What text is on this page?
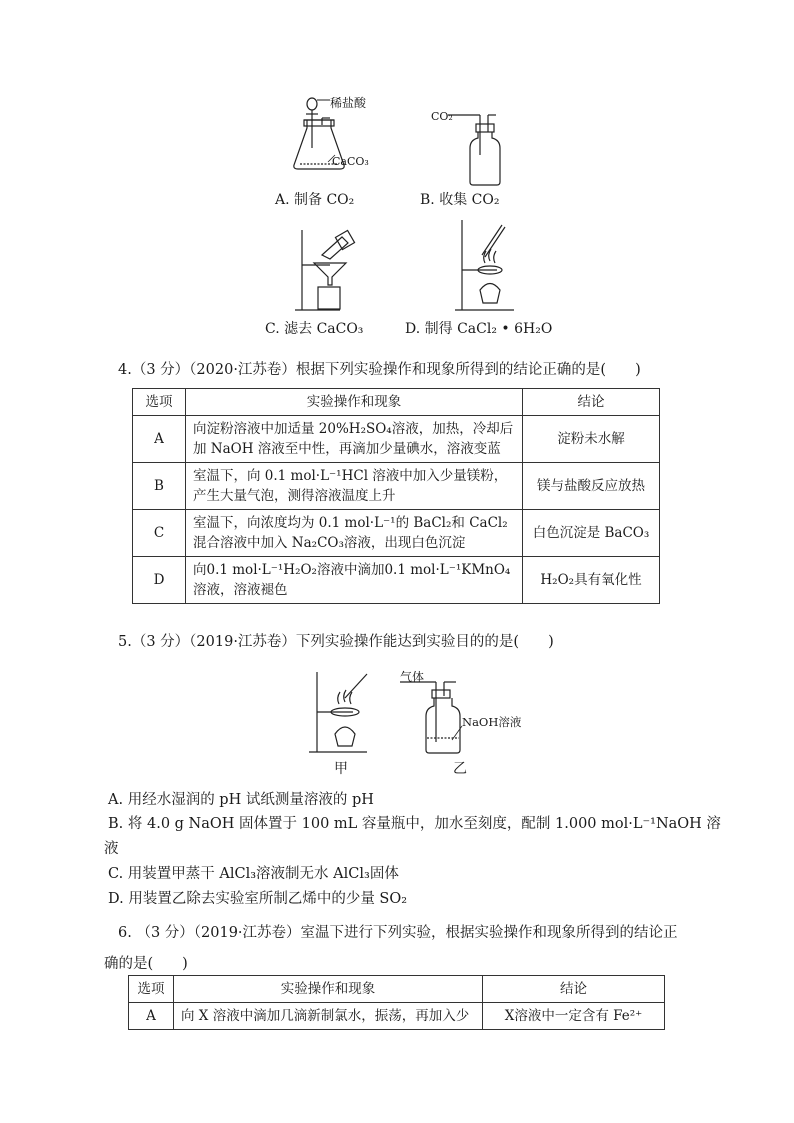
稀盐酸
CaCO₃
A. 制备 CO₂
CO₂
B. 收集 CO₂
C. 滤去 CaCO₃	D. 制得 CaCl₂ • 6H₂O
4.（3 分）（2020·江苏卷）根据下列实验操作和现象所得到的结论正确的是(　　)
选项	实验操作和现象	结论
A	向淀粉溶液中加适量 20%H₂SO₄溶液，加热，冷却后加 NaOH 溶液至中性，再滴加少量碘水，溶液变蓝	淀粉未水解
B	室温下，向 0.1 mol·L⁻¹HCl 溶液中加入少量镁粉，产生大量气泡，测得溶液温度上升	镁与盐酸反应放热
C	室温下，向浓度均为 0.1 mol·L⁻¹的 BaCl₂和 CaCl₂混合溶液中加入 Na₂CO₃溶液，出现白色沉淀	白色沉淀是 BaCO₃
D	向0.1 mol·L⁻¹H₂O₂溶液中滴加0.1 mol·L⁻¹KMnO₄溶液，溶液褪色	H₂O₂具有氧化性
5.（3 分）（2019·江苏卷）下列实验操作能达到实验目的的是(　　)
甲
气体
NaOH溶液
乙
A. 用经水湿润的 pH 试纸测量溶液的 pH
B. 将 4.0 g NaOH 固体置于 100 mL 容量瓶中，加水至刻度，配制 1.000 mol·L⁻¹NaOH 溶
液
C. 用装置甲蒸干 AlCl₃溶液制无水 AlCl₃固体
D. 用装置乙除去实验室所制乙烯中的少量 SO₂
6. （3 分）（2019·江苏卷）室温下进行下列实验，根据实验操作和现象所得到的结论正
确的是(　　)
选项	实验操作和现象	结论
A	向 X 溶液中滴加几滴新制氯水，振荡，再加入少	X溶液中一定含有 Fe²⁺
